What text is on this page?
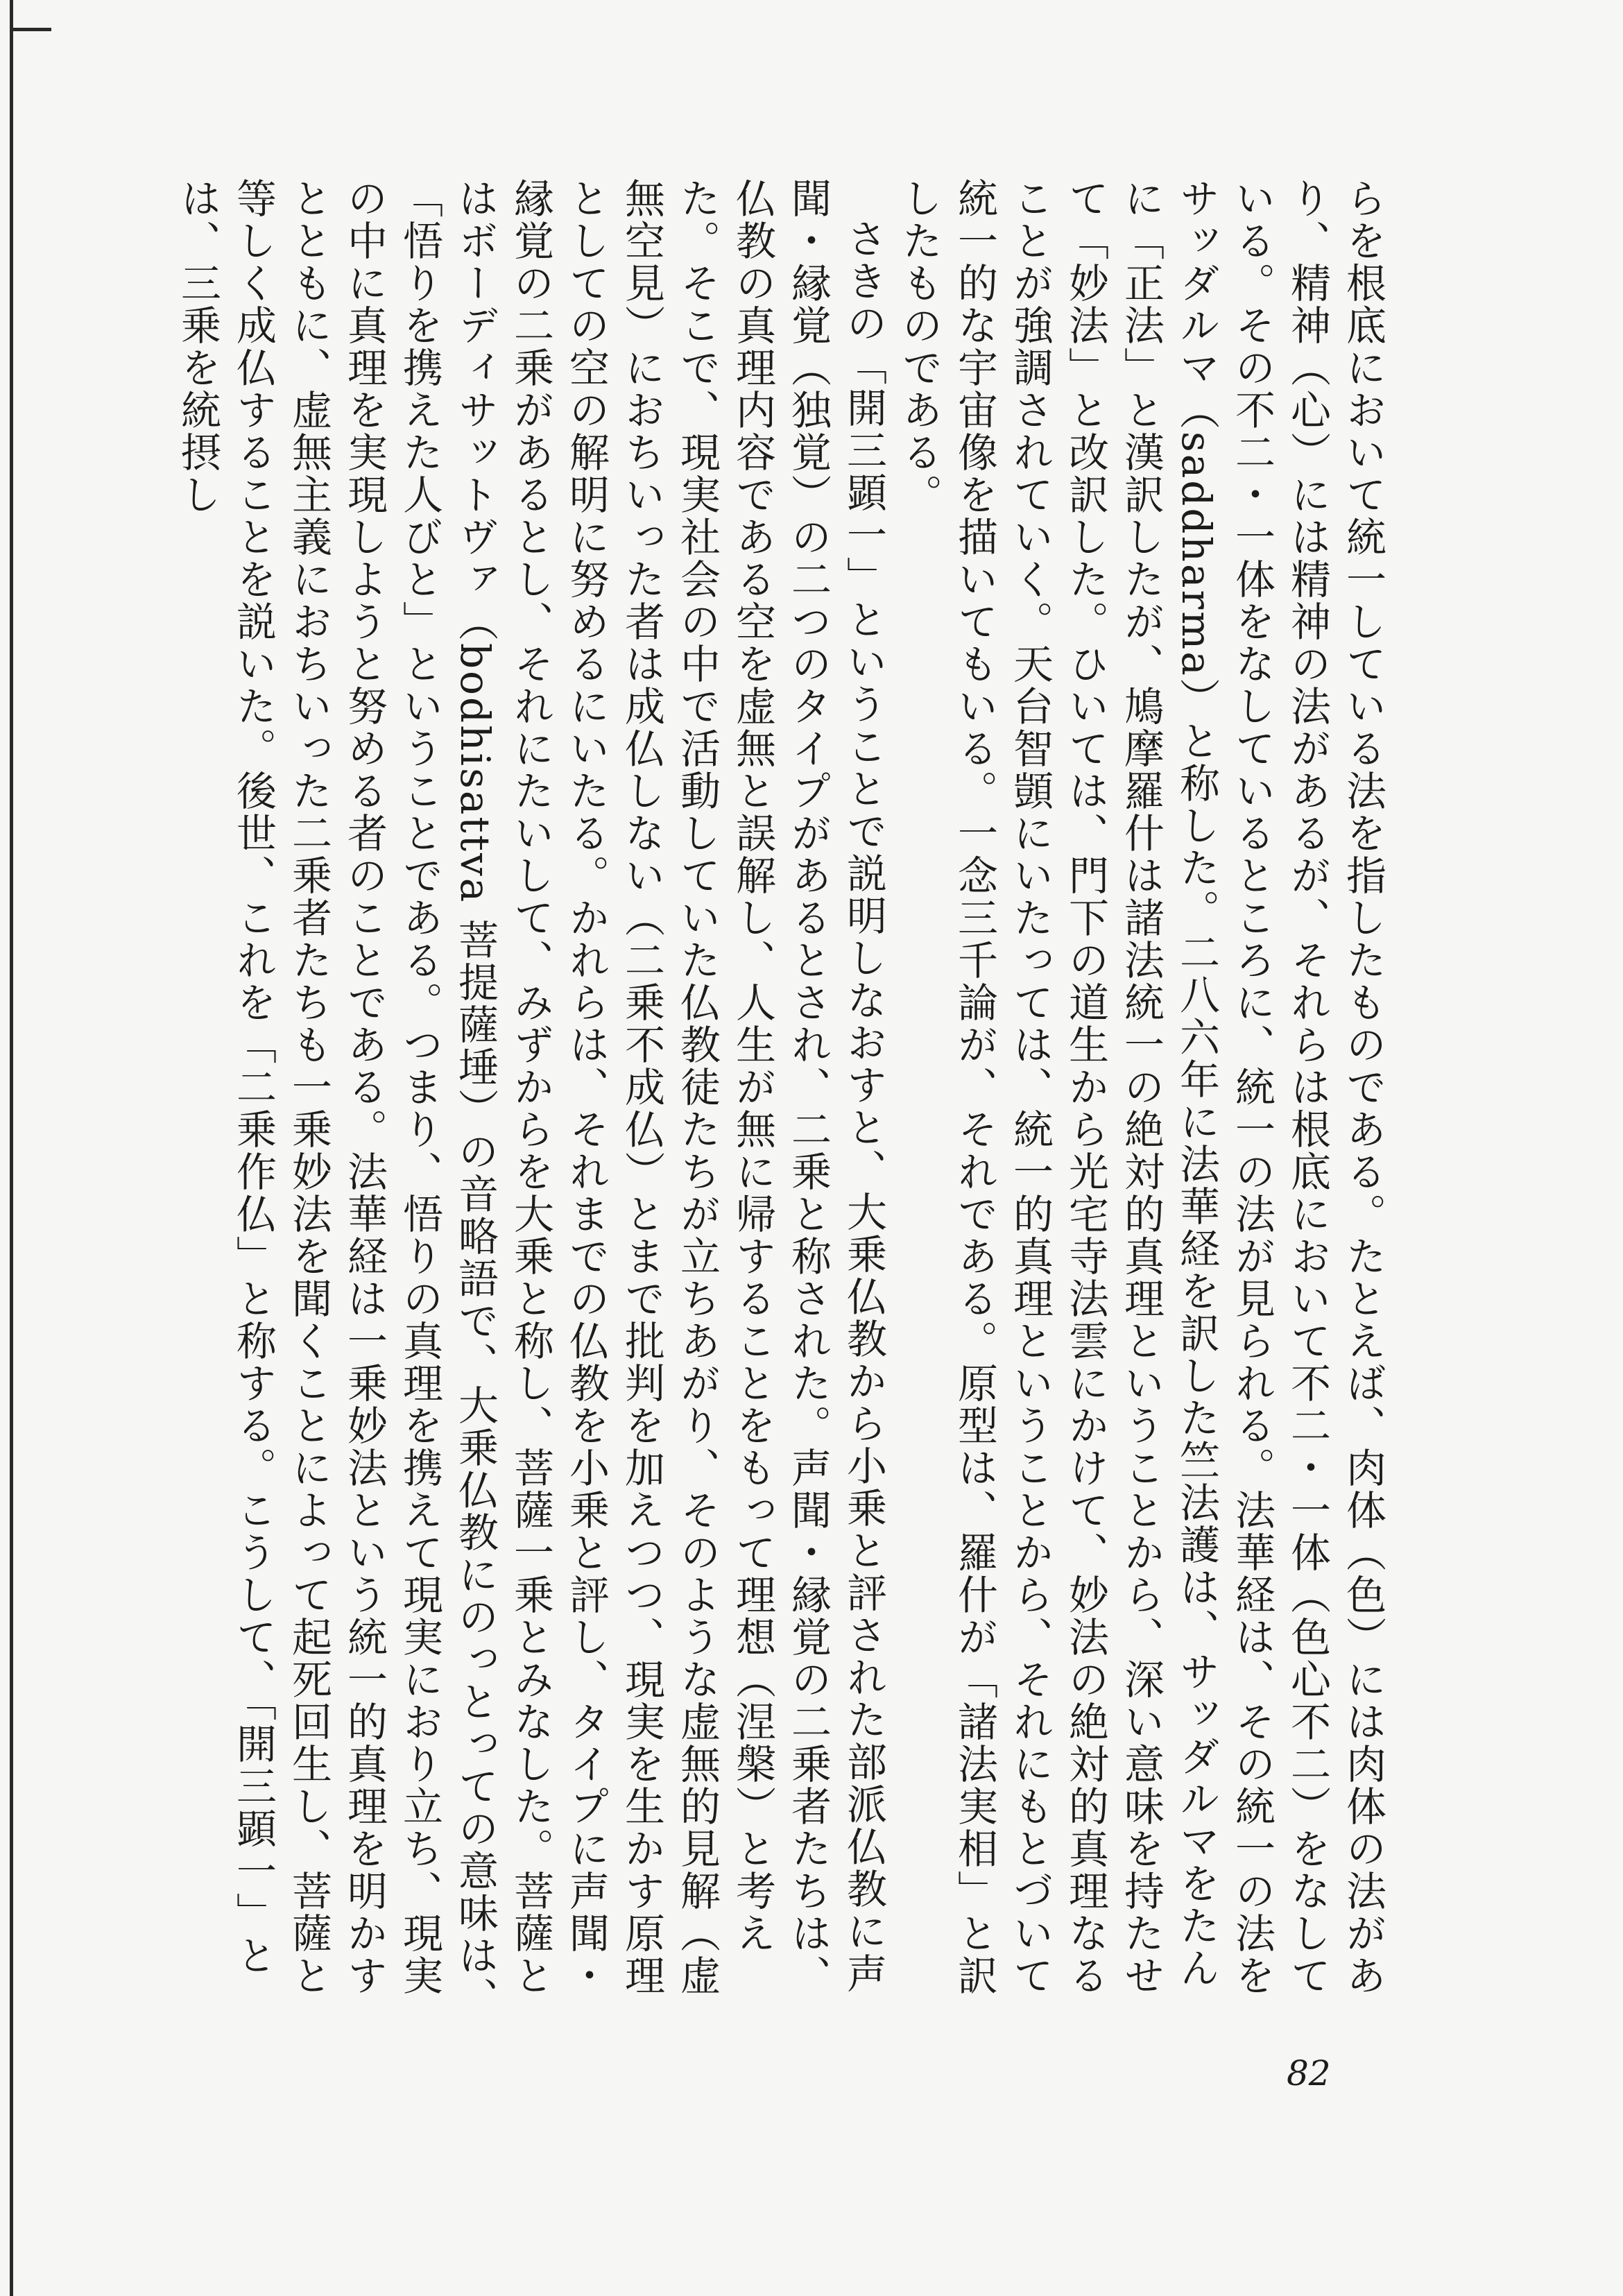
らを根底において統一している法を指したものである。たとえば、肉体（色）には肉体の法があり、精神（心）には精神の法があるが、それらは根底において不二・一体（色心不二）をなしている。その不二・一体をなしているところに、統一の法が見られる。法華経は、その統一の法をサッダルマ（saddharma）と称した。二八六年に法華経を訳した竺法護は、サッダルマをたんに「正法」と漢訳したが、鳩摩羅什は諸法統一の絶対的真理ということから、深い意味を持たせて「妙法」と改訳した。ひいては、門下の道生から光宅寺法雲にかけて、妙法の絶対的真理なることが強調されていく。天台智顗にいたっては、統一的真理ということから、それにもとづいて統一的な宇宙像を描いてもいる。一念三千論が、それである。原型は、羅什が「諸法実相」と訳したものである。

さきの「開三顕一」ということで説明しなおすと、大乗仏教から小乗と評された部派仏教に声聞・縁覚（独覚）の二つのタイプがあるとされ、二乗と称された。声聞・縁覚の二乗者たちは、仏教の真理内容である空を虚無と誤解し、人生が無に帰することをもって理想（涅槃）と考えた。そこで、現実社会の中で活動していた仏教徒たちが立ちあがり、そのような虚無的見解（虚無空見）におちいった者は成仏しない（二乗不成仏）とまで批判を加えつつ、現実を生かす原理としての空の解明に努めるにいたる。かれらは、それまでの仏教を小乗と評し、タイプに声聞・縁覚の二乗があるとし、それにたいして、みずからを大乗と称し、菩薩一乗とみなした。菩薩とはボーディサットヴァ（bodhisattva 菩提薩埵）の音略語で、大乗仏教にのっとっての意味は、「悟りを携えた人びと」ということである。つまり、悟りの真理を携えて現実におり立ち、現実の中に真理を実現しようと努める者のことである。法華経は一乗妙法という統一的真理を明かすとともに、虚無主義におちいった二乗者たちも一乗妙法を聞くことによって起死回生し、菩薩と等しく成仏することを説いた。後世、これを「二乗作仏」と称する。こうして、「開三顕一」とは、三乗を統摂し

82
